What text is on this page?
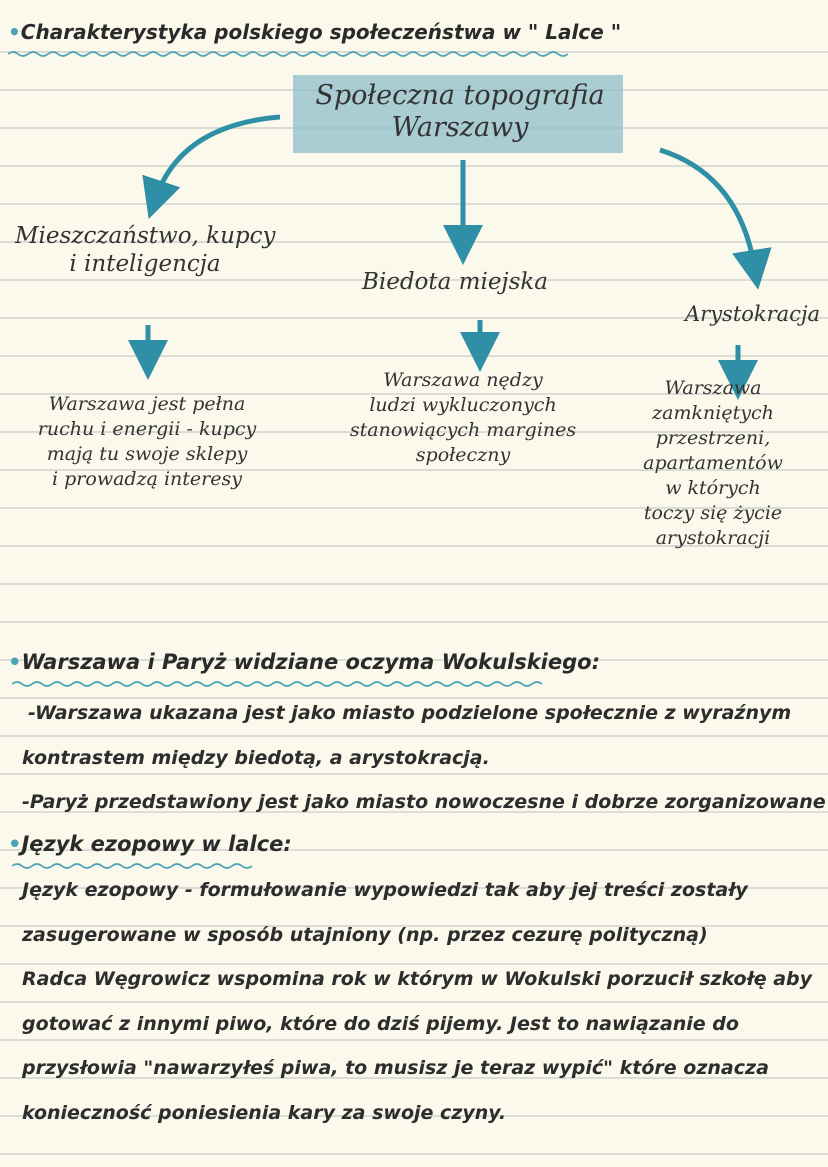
•Charakterystyka polskiego społeczeństwa w " Lalce "
Społeczna topografia
Warszawy
Mieszczaństwo, kupcy
i inteligencja
Biedota miejska
Arystokracja
Warszawa jest pełna
ruchu i energii - kupcy
mają tu swoje sklepy
i prowadzą interesy
Warszawa nędzy
ludzi wykluczonych
stanowiących margines
społeczny
Warszawa
zamkniętych
przestrzeni,
apartamentów
w których
toczy się życie
arystokracji
•Warszawa i Paryż widziane oczyma Wokulskiego:
-Warszawa ukazana jest jako miasto podzielone społecznie z wyraźnym
kontrastem między biedotą, a arystokracją.
-Paryż przedstawiony jest jako miasto nowoczesne i dobrze zorganizowane
•Język ezopowy w lalce:
Język ezopowy - formułowanie wypowiedzi tak aby jej treści zostały
zasugerowane w sposób utajniony (np. przez cezurę polityczną)
Radca Węgrowicz wspomina rok w którym w Wokulski porzucił szkołę aby
gotować z innymi piwo, które do dziś pijemy. Jest to nawiązanie do
przysłowia "nawarzyłeś piwa, to musisz je teraz wypić" które oznacza
konieczność poniesienia kary za swoje czyny.
